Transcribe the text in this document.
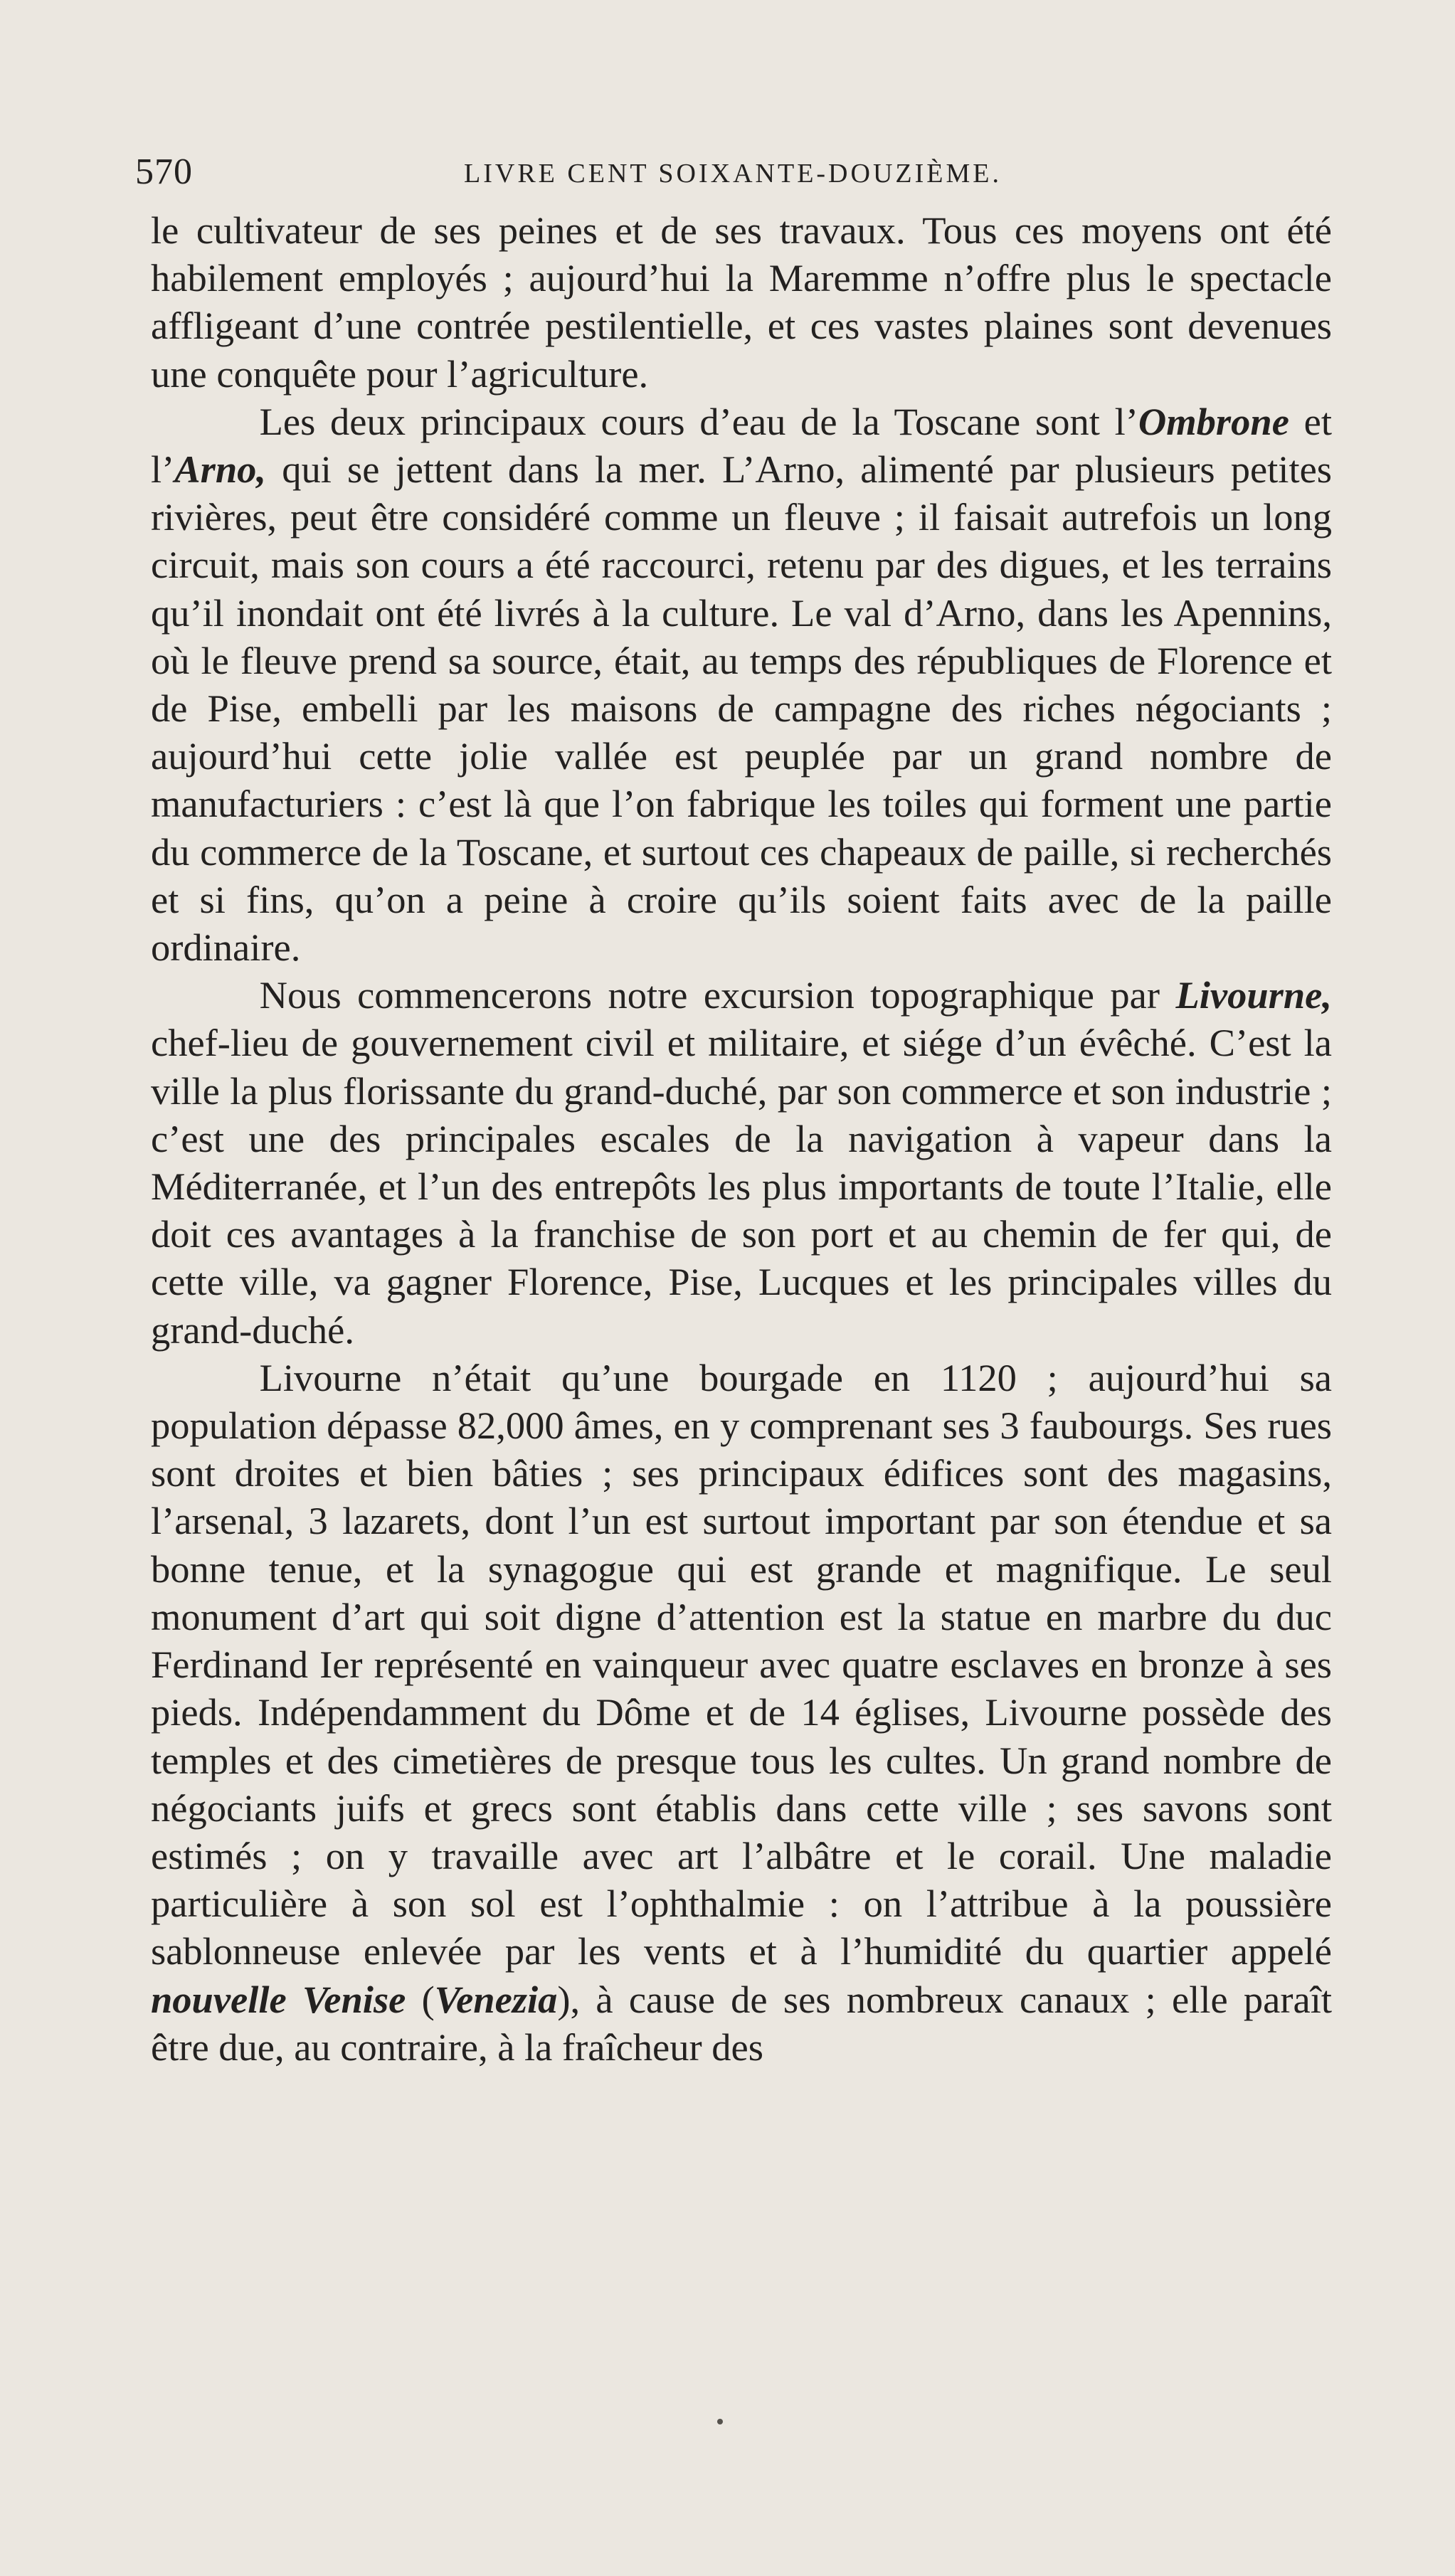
570	LIVRE CENT SOIXANTE-DOUZIÈME.

le cultivateur de ses peines et de ses travaux. Tous ces moyens ont été habilement employés ; aujourd’hui la Maremme n’offre plus le spectacle affligeant d’une contrée pestilentielle, et ces vastes plaines sont devenues une conquête pour l’agriculture.

Les deux principaux cours d’eau de la Toscane sont l’Ombrone et l’Arno, qui se jettent dans la mer. L’Arno, alimenté par plusieurs petites rivières, peut être considéré comme un fleuve ; il faisait autrefois un long circuit, mais son cours a été raccourci, retenu par des digues, et les terrains qu’il inondait ont été livrés à la culture. Le val d’Arno, dans les Apennins, où le fleuve prend sa source, était, au temps des républiques de Florence et de Pise, embelli par les maisons de campagne des riches négociants ; aujourd’hui cette jolie vallée est peuplée par un grand nombre de manufacturiers : c’est là que l’on fabrique les toiles qui forment une partie du commerce de la Toscane, et surtout ces chapeaux de paille, si recherchés et si fins, qu’on a peine à croire qu’ils soient faits avec de la paille ordinaire.

Nous commencerons notre excursion topographique par Livourne, chef-lieu de gouvernement civil et militaire, et siége d’un évêché. C’est la ville la plus florissante du grand-duché, par son commerce et son industrie ; c’est une des principales escales de la navigation à vapeur dans la Méditerranée, et l’un des entrepôts les plus importants de toute l’Italie, elle doit ces avantages à la franchise de son port et au chemin de fer qui, de cette ville, va gagner Florence, Pise, Lucques et les principales villes du grand-duché.

Livourne n’était qu’une bourgade en 1120 ; aujourd’hui sa population dépasse 82,000 âmes, en y comprenant ses 3 faubourgs. Ses rues sont droites et bien bâties ; ses principaux édifices sont des magasins, l’arsenal, 3 lazarets, dont l’un est surtout important par son étendue et sa bonne tenue, et la synagogue qui est grande et magnifique. Le seul monument d’art qui soit digne d’attention est la statue en marbre du duc Ferdinand Ier représenté en vainqueur avec quatre esclaves en bronze à ses pieds. Indépendamment du Dôme et de 14 églises, Livourne possède des temples et des cimetières de presque tous les cultes. Un grand nombre de négociants juifs et grecs sont établis dans cette ville ; ses savons sont estimés ; on y travaille avec art l’albâtre et le corail. Une maladie particulière à son sol est l’ophthalmie : on l’attribue à la poussière sablonneuse enlevée par les vents et à l’humidité du quartier appelé nouvelle Venise (Venezia), à cause de ses nombreux canaux ; elle paraît être due, au contraire, à la fraîcheur des
